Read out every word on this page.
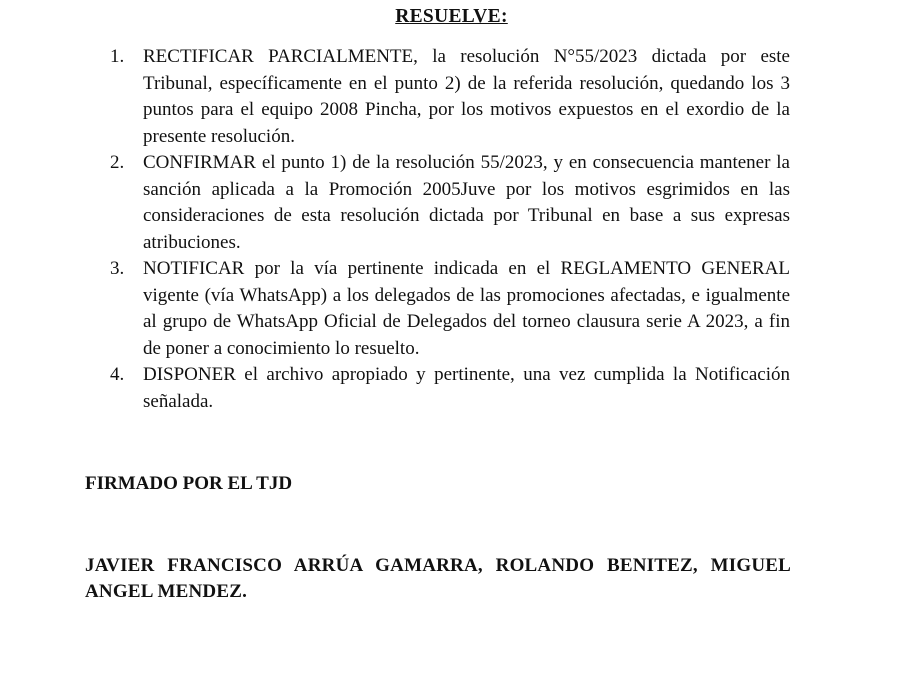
RESUELVE:
1. RECTIFICAR PARCIALMENTE, la resolución N°55/2023 dictada por este Tribunal, específicamente en el punto 2) de la referida resolución, quedando los 3 puntos para el equipo 2008 Pincha, por los motivos expuestos en el exordio de la presente resolución.
2. CONFIRMAR el punto 1) de la resolución 55/2023, y en consecuencia mantener la sanción aplicada a la Promoción 2005Juve por los motivos esgrimidos en las consideraciones de esta resolución dictada por Tribunal en base a sus expresas atribuciones.
3. NOTIFICAR por la vía pertinente indicada en el REGLAMENTO GENERAL vigente (vía WhatsApp) a los delegados de las promociones afectadas, e igualmente al grupo de WhatsApp Oficial de Delegados del torneo clausura serie A 2023, a fin de poner a conocimiento lo resuelto.
4. DISPONER el archivo apropiado y pertinente, una vez cumplida la Notificación señalada.
FIRMADO POR EL TJD
JAVIER FRANCISCO ARRÚA GAMARRA, ROLANDO BENITEZ, MIGUEL ANGEL MENDEZ.
